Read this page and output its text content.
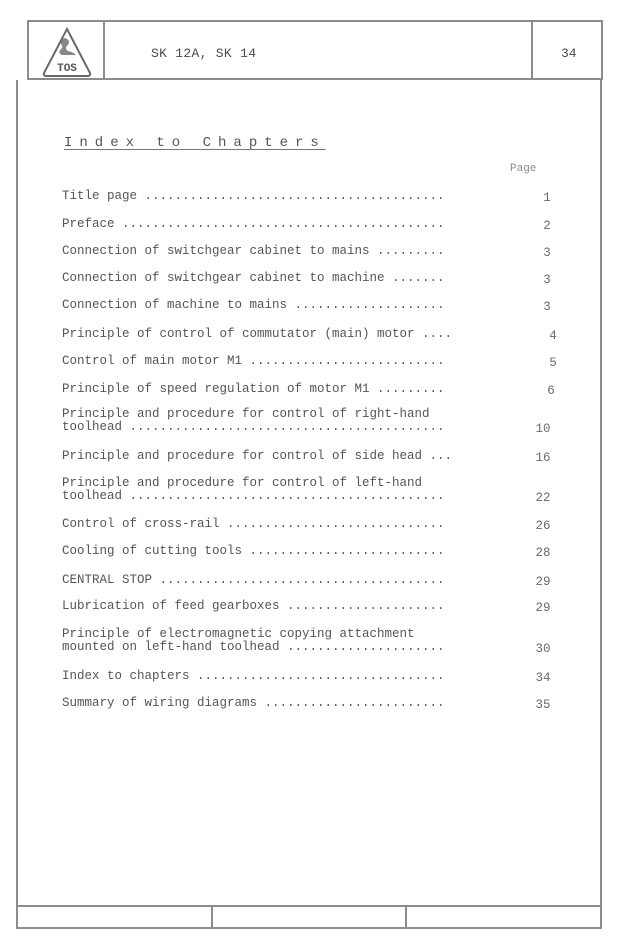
TOS
SK 12A, SK 14	34
Index to Chapters
Page
Title page ........................................	1
Preface ...........................................	2
Connection of switchgear cabinet to mains .........	3
Connection of switchgear cabinet to machine .......	3
Connection of machine to mains ....................	3
Principle of control of commutator (main) motor ....	4
Control of main motor M1 ..........................	5
Principle of speed regulation of motor M1 .........	6
Principle and procedure for control of right-hand
toolhead ..........................................	10
Principle and procedure for control of side head ...	16
Principle and procedure for control of left-hand
toolhead ..........................................	22
Control of cross-rail .............................	26
Cooling of cutting tools ..........................	28
CENTRAL STOP ......................................	29
Lubrication of feed gearboxes .....................	29
Principle of electromagnetic copying attachment
mounted on left-hand toolhead .....................	30
Index to chapters .................................	34
Summary of wiring diagrams ........................	35
